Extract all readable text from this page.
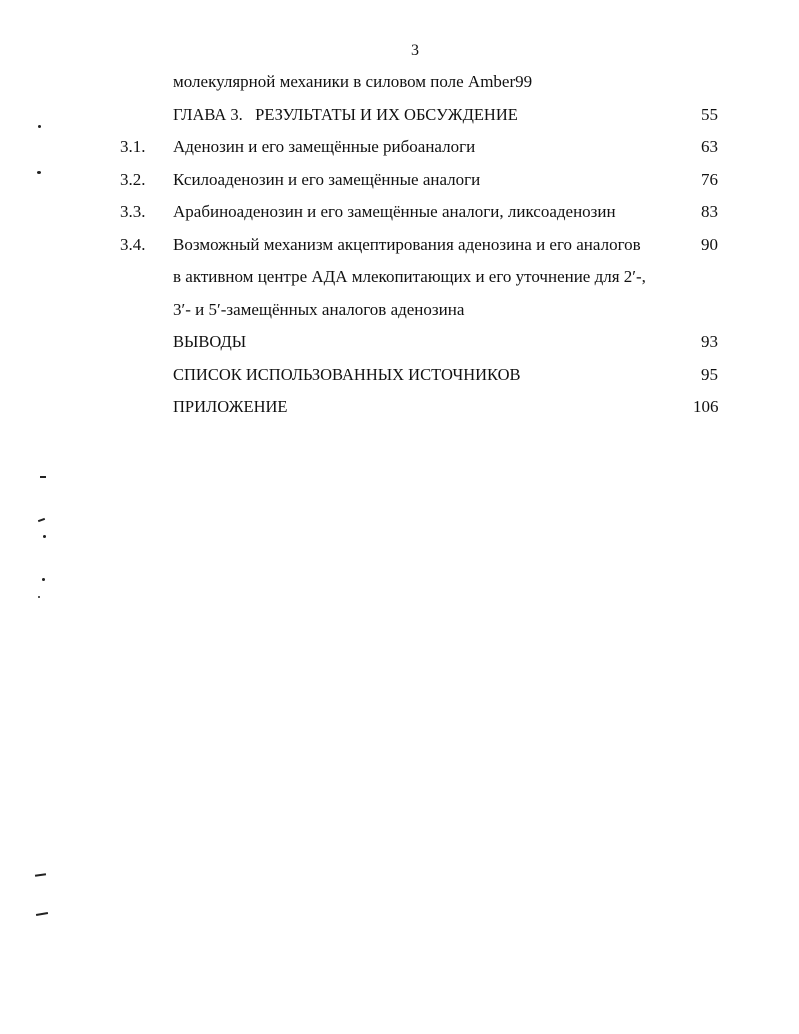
3
молекулярной механики в силовом поле Amber99
ГЛАВА 3.   РЕЗУЛЬТАТЫ И ИХ ОБСУЖДЕНИЕ	55
3.1. Аденозин и его замещённые рибоаналоги	63
3.2. Ксилоаденозин и его замещённые аналоги	76
3.3. Арабиноаденозин и его замещённые аналоги, ликсоаденозин	83
3.4. Возможный механизм акцептирования аденозина и его аналогов	90
в активном центре АДА млекопитающих и его уточнение для 2′-,
3′- и 5′-замещённых аналогов аденозина
ВЫВОДЫ	93
СПИСОК ИСПОЛЬЗОВАННЫХ ИСТОЧНИКОВ	95
ПРИЛОЖЕНИЕ	106
